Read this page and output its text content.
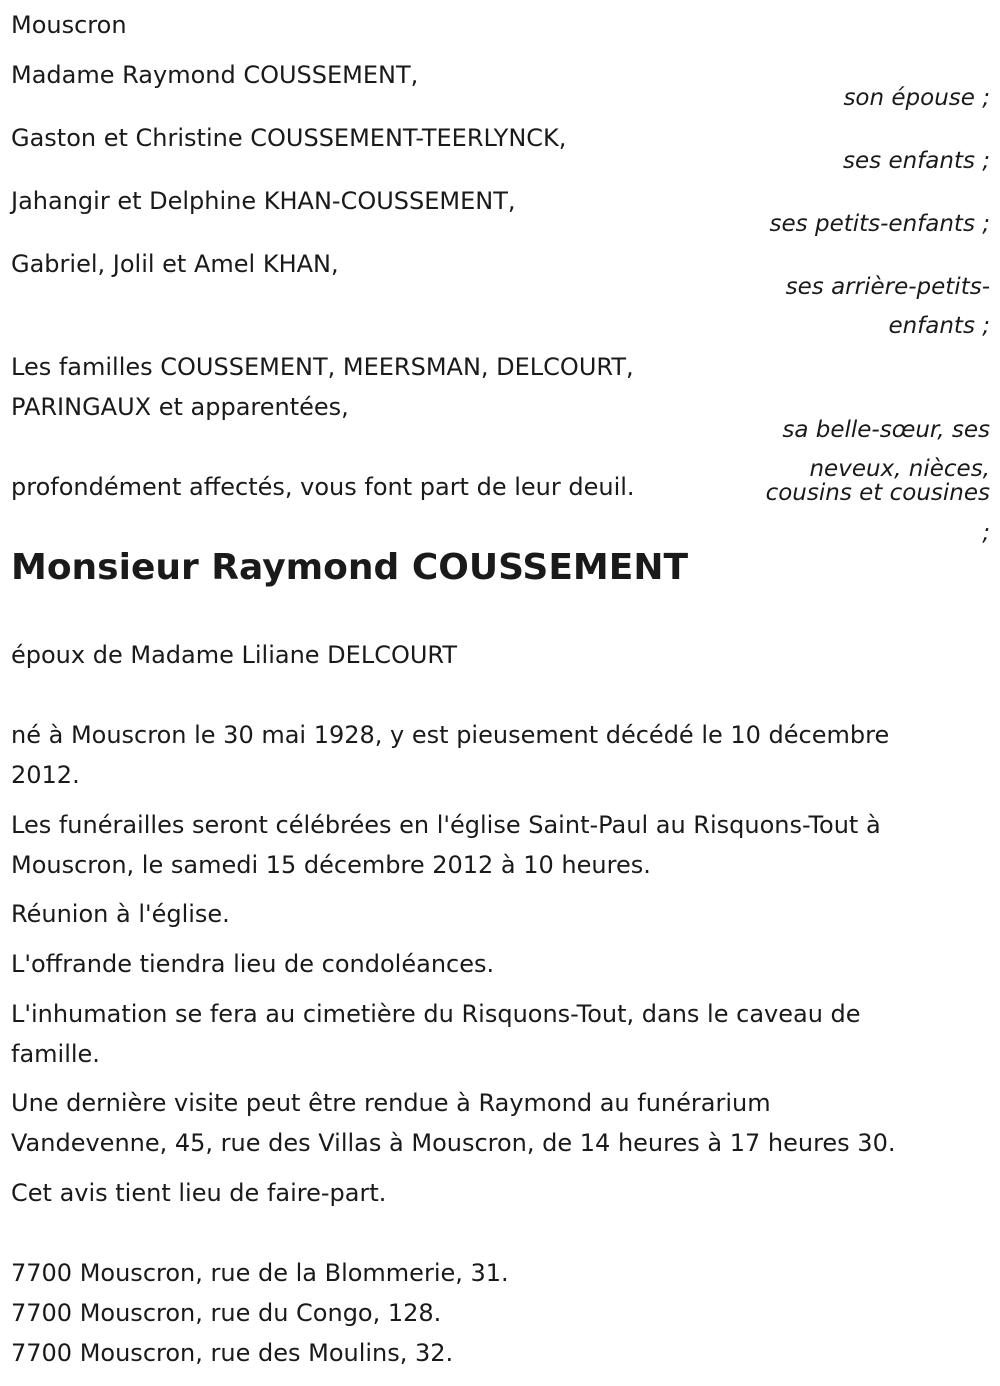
Mouscron
Madame Raymond COUSSEMENT,
son épouse ;
Gaston et Christine COUSSEMENT-TEERLYNCK,
ses enfants ;
Jahangir et Delphine KHAN-COUSSEMENT,
ses petits-enfants ;
Gabriel, Jolil et Amel KHAN,
ses arrière-petits-
enfants ;
Les familles COUSSEMENT, MEERSMAN, DELCOURT,
PARINGAUX et apparentées,
sa belle-sœur, ses
neveux, nièces,
cousins et cousines
;
profondément affectés, vous font part de leur deuil.
Monsieur Raymond COUSSEMENT
époux de Madame Liliane DELCOURT
né à Mouscron le 30 mai 1928, y est pieusement décédé le 10 décembre
2012.
Les funérailles seront célébrées en l'église Saint-Paul au Risquons-Tout à
Mouscron, le samedi 15 décembre 2012 à 10 heures.
Réunion à l'église.
L'offrande tiendra lieu de condoléances.
L'inhumation se fera au cimetière du Risquons-Tout, dans le caveau de
famille.
Une dernière visite peut être rendue à Raymond au funérarium
Vandevenne, 45, rue des Villas à Mouscron, de 14 heures à 17 heures 30.
Cet avis tient lieu de faire-part.
7700 Mouscron, rue de la Blommerie, 31.
7700 Mouscron, rue du Congo, 128.
7700 Mouscron, rue des Moulins, 32.
